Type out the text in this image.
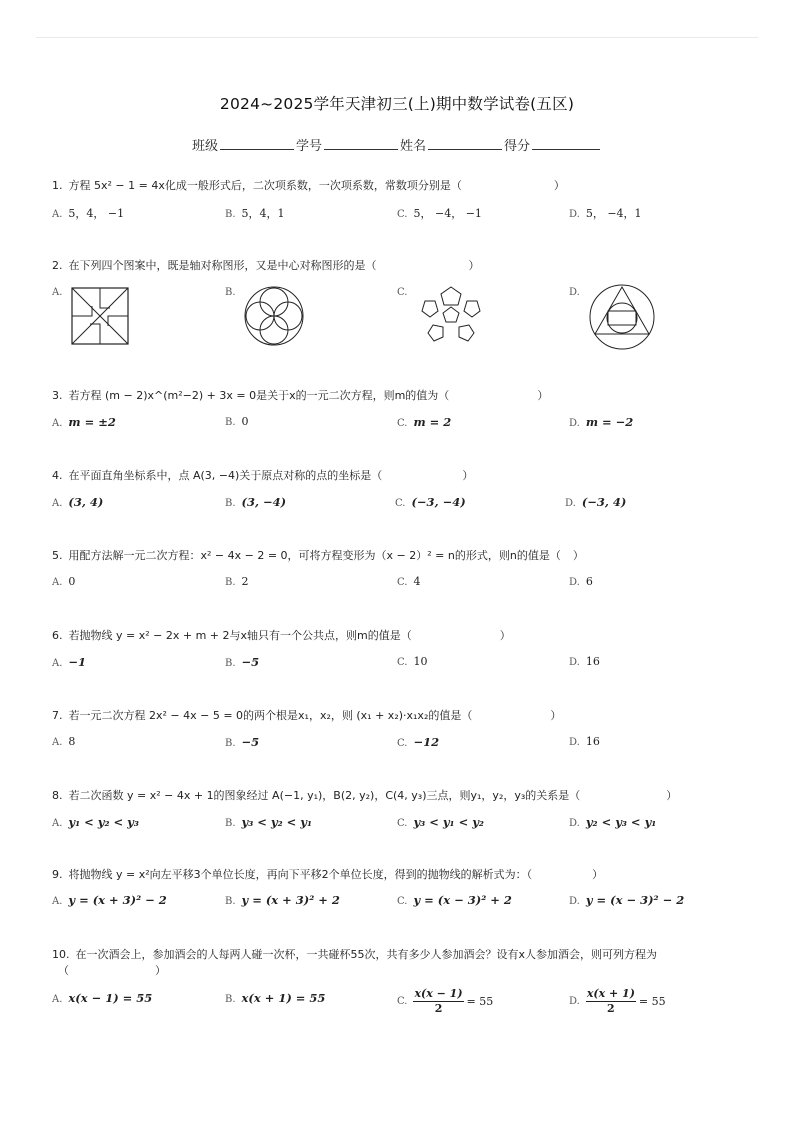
2024~2025学年天津初三(上)期中数学试卷(五区)
班级	学号	姓名	得分
1. 方程 5x² − 1 = 4x化成一般形式后，二次项系数，一次项系数，常数项分别是（	）
A. 5，4， −1	B. 5，4，1	C. 5， −4， −1	D. 5， −4，1
2. 在下列四个图案中，既是轴对称图形，又是中心对称图形的是（	）
A.	B.	C.	D.
3. 若方程 (m − 2)x^(m²−2) + 3x = 0是关于x的一元二次方程，则m的值为（	）
A. m = ±2	B. 0	C. m = 2	D. m = −2
4. 在平面直角坐标系中，点 A(3, −4)关于原点对称的点的坐标是（	）
A. (3, 4)	B. (3, −4)	C. (−3, −4)	D. (−3, 4)
5. 用配方法解一元二次方程：x² − 4x − 2 = 0，可将方程变形为（x − 2）² = n的形式，则n的值是（ ）
A. 0	B. 2	C. 4	D. 6
6. 若抛物线 y = x² − 2x + m + 2与x轴只有一个公共点，则m的值是（	）
A. −1	B. −5	C. 10	D. 16
7. 若一元二次方程 2x² − 4x − 5 = 0的两个根是x₁，x₂，则 (x₁ + x₂)·x₁x₂的值是（	）
A. 8	B. −5	C. −12	D. 16
8. 若二次函数 y = x² − 4x + 1的图象经过 A(−1, y₁)，B(2, y₂)，C(4, y₃)三点，则y₁，y₂，y₃的关系是（	）
A. y₁ < y₂ < y₃	B. y₃ < y₂ < y₁	C. y₃ < y₁ < y₂	D. y₂ < y₃ < y₁
9. 将抛物线 y = x²向左平移3个单位长度，再向下平移2个单位长度，得到的抛物线的解析式为：（	）
A. y = (x + 3)² − 2	B. y = (x + 3)² + 2	C. y = (x − 3)² + 2	D. y = (x − 3)² − 2
10. 在一次酒会上，参加酒会的人每两人碰一次杯，一共碰杯55次，共有多少人参加酒会？设有x人参加酒会，则可列方程为
（	）
A. x(x − 1) = 55	B. x(x + 1) = 55	C. $\frac{x(x - 1)}{2} = 55$	D. $\frac{x(x + 1)}{2} = 55$
